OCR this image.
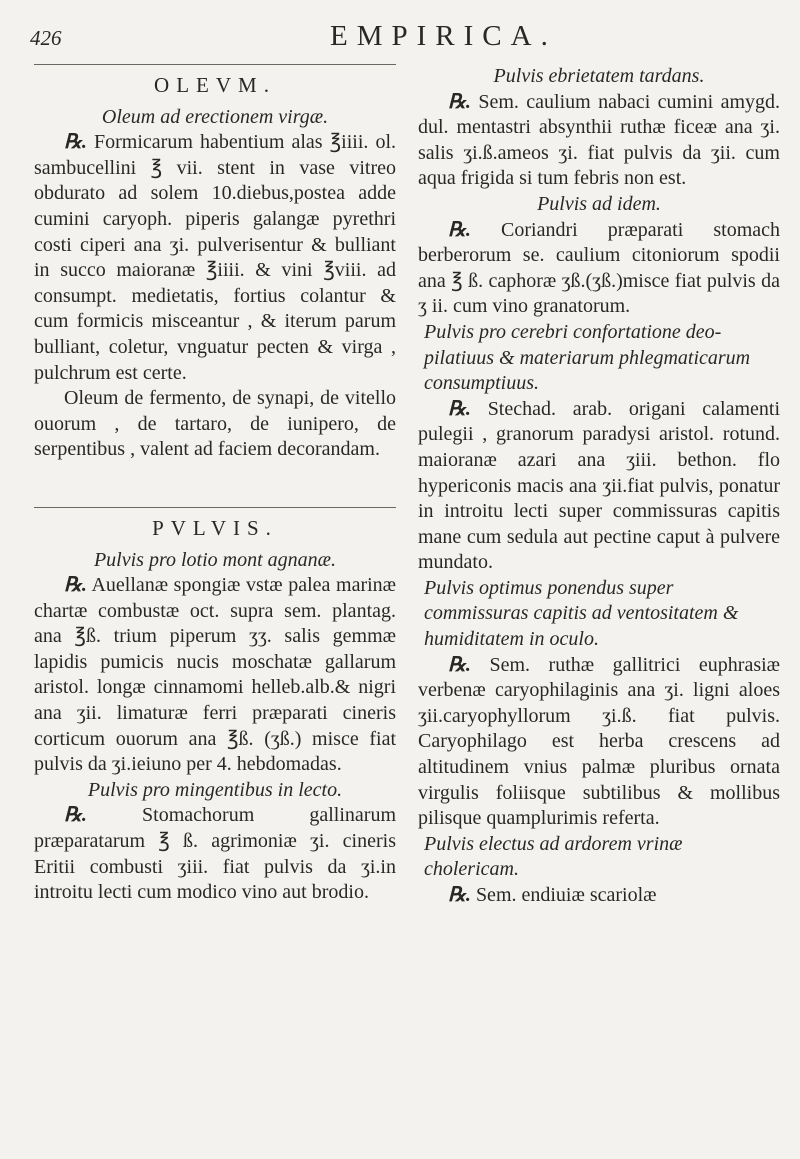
426	EMPIRICA.
OLEVM.

Oleum ad erectionem virgæ.

℞. Formicarum habentium alas ℥iiii. ol. sambucellini ℥ vii. stent in vase vitreo obdurato ad solem 10.diebus,postea adde cumini caryoph. piperis galangæ pyrethri costi ciperi ana ʒi. pulverisentur & bulliant in succo maioranæ ℥iiii. & vini ℥viii. ad consumpt. medietatis, fortius colantur & cum formicis misceantur , & iterum parum bulliant, coletur, vnguatur pecten & virga , pulchrum est certe.

Oleum de fermento, de synapi, de vitello ouorum , de tartaro, de iunipero, de serpentibus , valent ad faciem decorandam.

PVLVIS.

Pulvis pro lotio mont agnanæ.

℞. Auellanæ spongiæ vstæ palea marinæ chartæ combustæ oct. supra sem. plantag. ana ℥ß. trium piperum ʒʒ. salis gemmæ lapidis pumicis nucis moschatæ gallarum aristol. longæ cinnamomi helleb.alb.& nigri ana ʒii. limaturæ ferri præparati cineris corticum ouorum ana ℥ß. (ʒß.) misce fiat pulvis da ʒi.ieiuno per 4. hebdomadas.

Pulvis pro mingentibus in lecto.

℞.	Stomachorum gallinarum præparatarum ℥ ß. agrimoniæ ʒi. cineris Eritii combusti ʒiii. fiat pulvis da ʒi.in introitu lecti cum modico vino aut brodio.

Pulvis ebrietatem tardans.

℞. Sem. caulium nabaci cumini amygd. dul. mentastri absynthii ruthæ ficeæ ana ʒi. salis ʒi.ß.ameos ʒi. fiat pulvis da ʒii. cum aqua frigida si tum febris non est.

Pulvis ad idem.

℞. Coriandri præparati stomach berberorum se. caulium citoniorum spodii ana ℥ ß. caphoræ ʒß.(ʒß.)misce fiat pulvis da ʒ ii. cum vino granatorum.

Pulvis pro cerebri confortatione deo-pilatiuus & materiarum phlegmaticarum consumptiuus.

℞. Stechad. arab. origani calamenti pulegii , granorum paradysi aristol. rotund. maioranæ azari ana ʒiii. bethon. flo hypericonis macis ana ʒii.fiat pulvis, ponatur in introitu lecti super commissuras capitis mane cum sedula aut pectine caput à pulvere mundato.

Pulvis optimus ponendus super commissuras capitis ad ventositatem & humiditatem in oculo.

℞. Sem. ruthæ gallitrici euphrasiæ verbenæ caryophilaginis ana ʒi. ligni aloes ʒii.caryophyllorum ʒi.ß. fiat pulvis. Caryophilago est herba crescens ad altitudinem vnius palmæ pluribus ornata virgulis foliisque subtilibus & mollibus pilisque quamplurimis referta.

Pulvis electus ad ardorem vrinæ cholericam.

℞. Sem. endiuiæ scariolæ
